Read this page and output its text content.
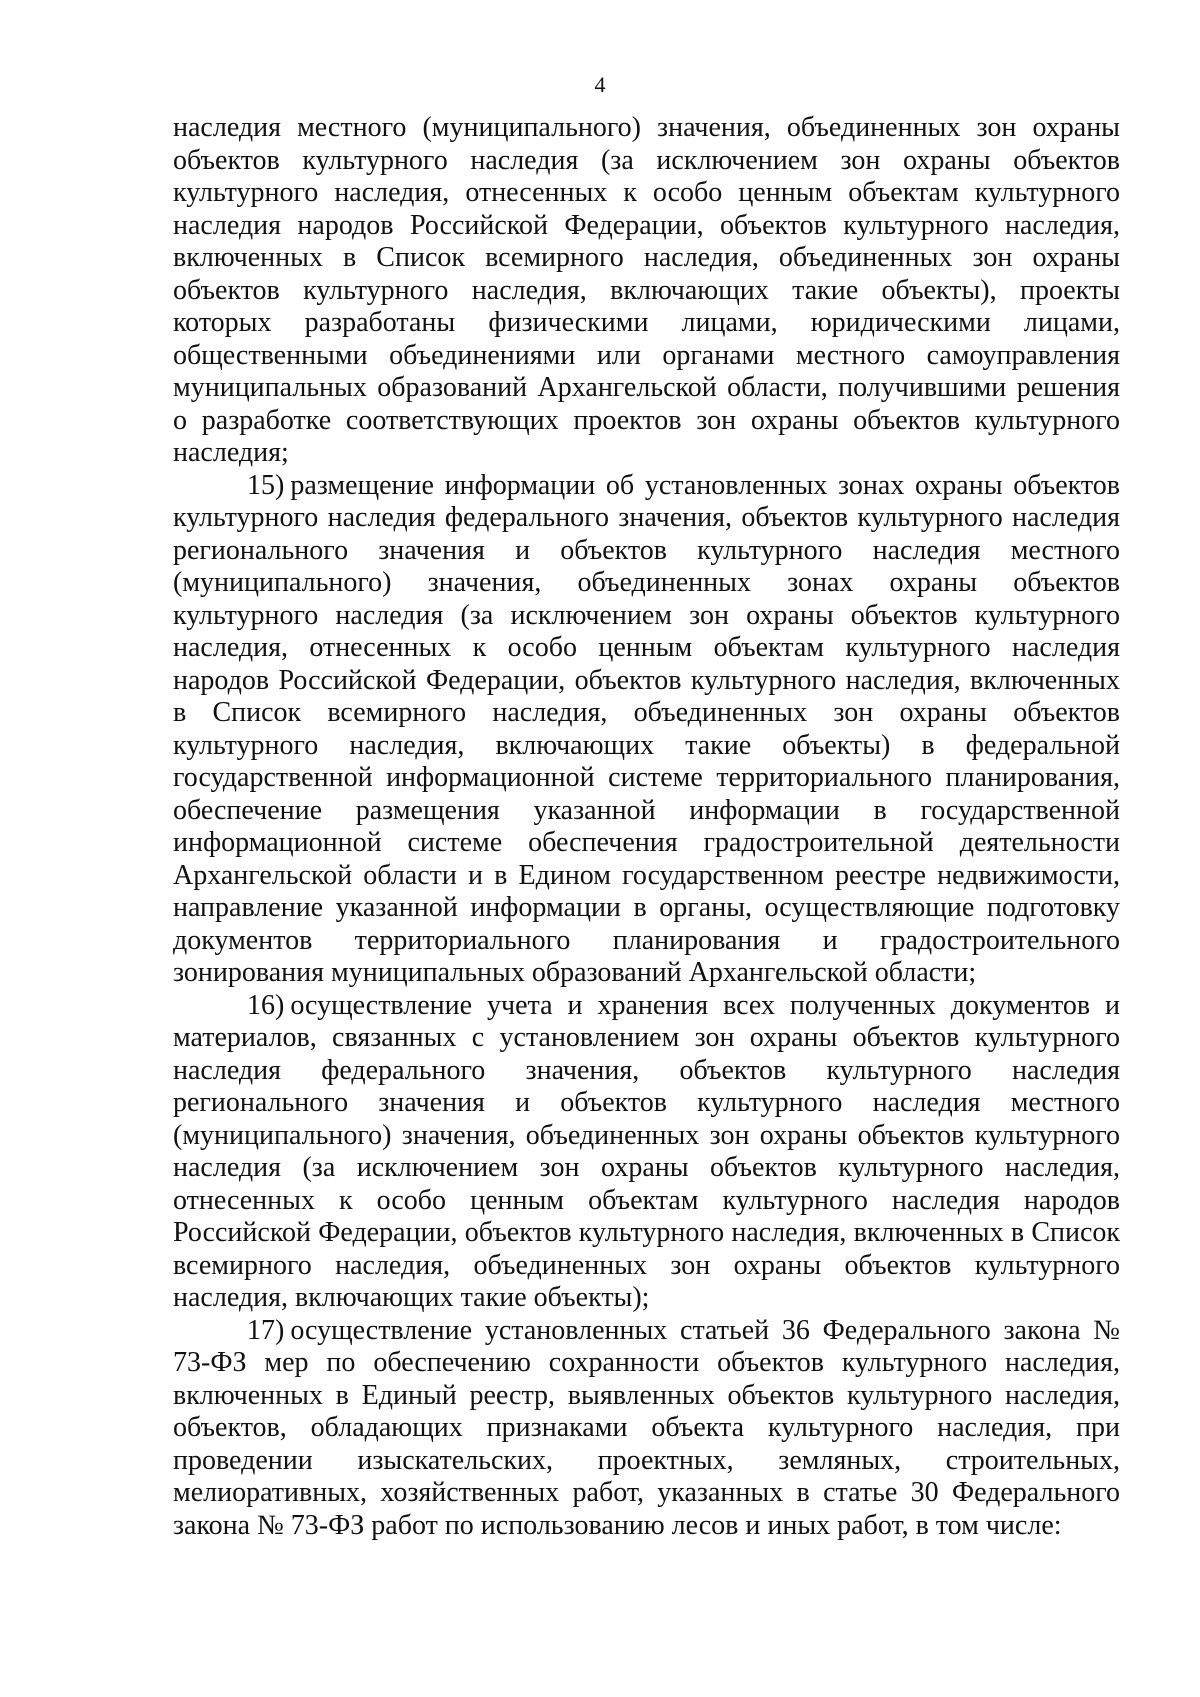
4

наследия местного (муниципального) значения, объединенных зон охраны объектов культурного наследия (за исключением зон охраны объектов культурного наследия, отнесенных к особо ценным объектам культурного наследия народов Российской Федерации, объектов культурного наследия, включенных в Список всемирного наследия, объединенных зон охраны объектов культурного наследия, включающих такие объекты), проекты которых разработаны физическими лицами, юридическими лицами, общественными объединениями или органами местного самоуправления муниципальных образований Архангельской области, получившими решения о разработке соответствующих проектов зон охраны объектов культурного наследия;

15) размещение информации об установленных зонах охраны объектов культурного наследия федерального значения, объектов культурного наследия регионального значения и объектов культурного наследия местного (муниципального) значения, объединенных зонах охраны объектов культурного наследия (за исключением зон охраны объектов культурного наследия, отнесенных к особо ценным объектам культурного наследия народов Российской Федерации, объектов культурного наследия, включенных в Список всемирного наследия, объединенных зон охраны объектов культурного наследия, включающих такие объекты) в федеральной государственной информационной системе территориального планирования, обеспечение размещения указанной информации в государственной информационной системе обеспечения градостроительной деятельности Архангельской области и в Едином государственном реестре недвижимости, направление указанной информации в органы, осуществляющие подготовку документов территориального планирования и градостроительного зонирования муниципальных образований Архангельской области;

16) осуществление учета и хранения всех полученных документов и материалов, связанных с установлением зон охраны объектов культурного наследия федерального значения, объектов культурного наследия регионального значения и объектов культурного наследия местного (муниципального) значения, объединенных зон охраны объектов культурного наследия (за исключением зон охраны объектов культурного наследия, отнесенных к особо ценным объектам культурного наследия народов Российской Федерации, объектов культурного наследия, включенных в Список всемирного наследия, объединенных зон охраны объектов культурного наследия, включающих такие объекты);

17) осуществление установленных статьей 36 Федерального закона № 73-ФЗ мер по обеспечению сохранности объектов культурного наследия, включенных в Единый реестр, выявленных объектов культурного наследия, объектов, обладающих признаками объекта культурного наследия, при проведении изыскательских, проектных, земляных, строительных, мелиоративных, хозяйственных работ, указанных в статье 30 Федерального закона № 73-ФЗ работ по использованию лесов и иных работ, в том числе:
